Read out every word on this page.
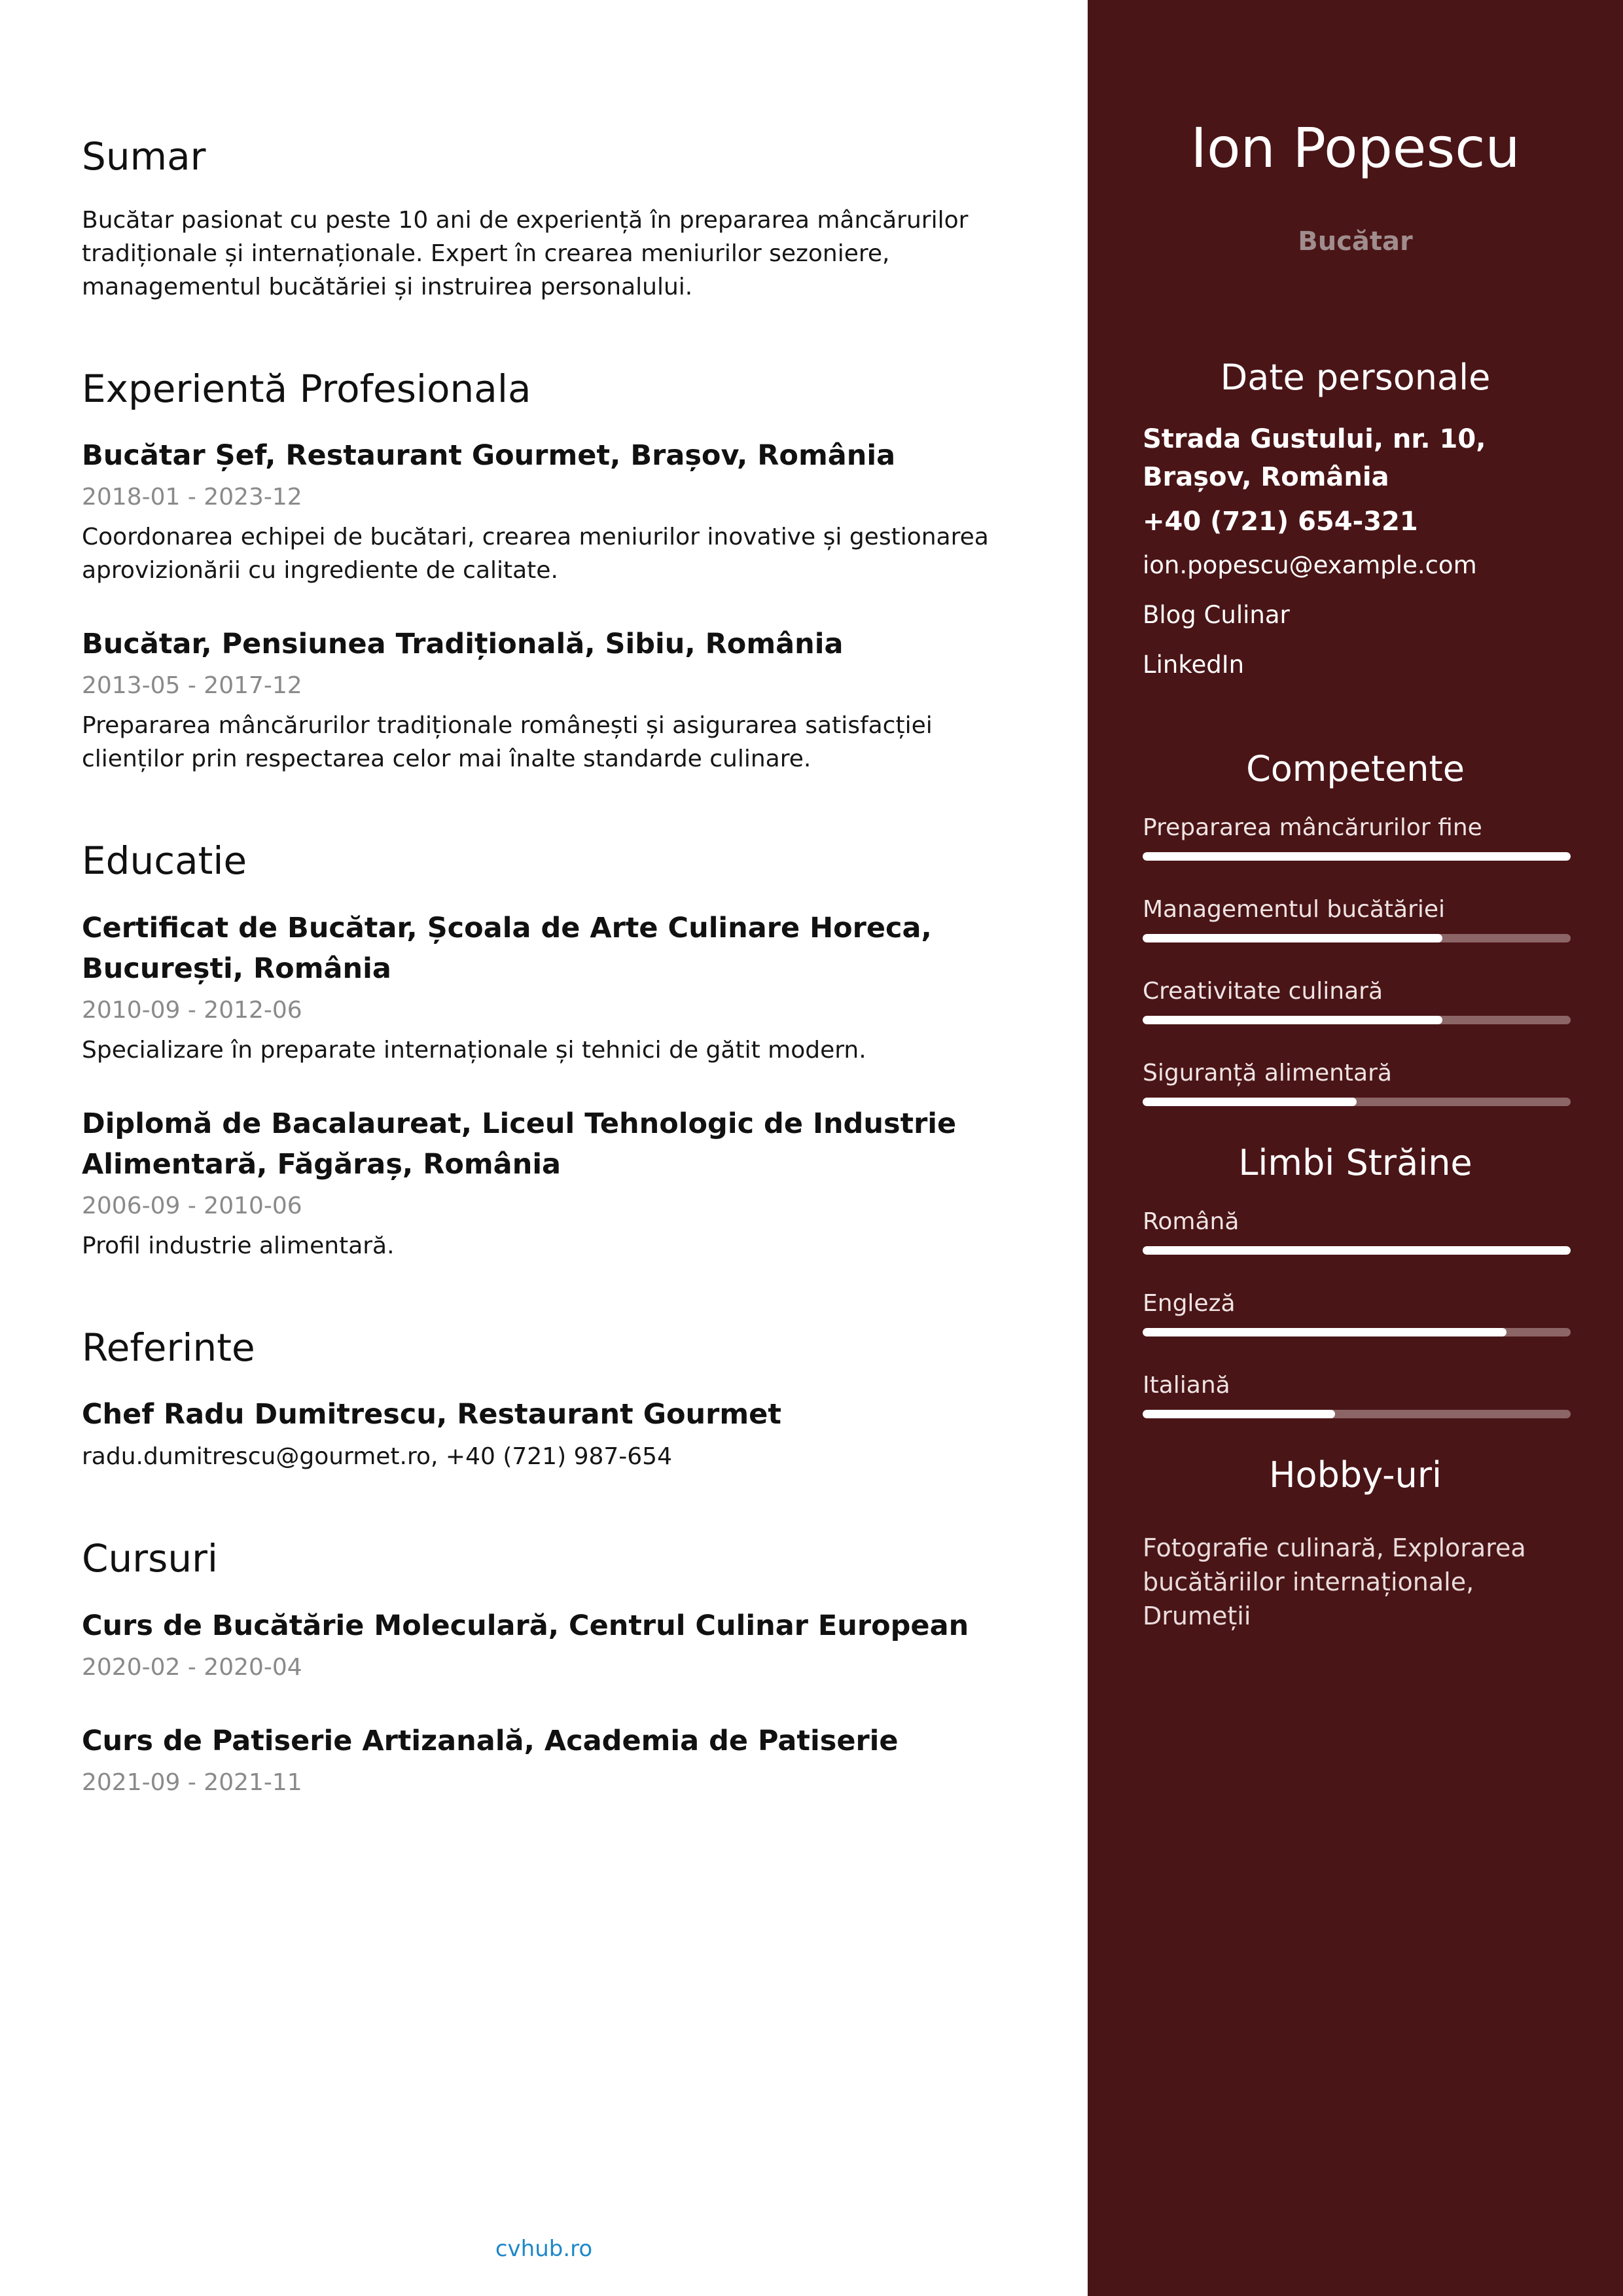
Sumar

Bucătar pasionat cu peste 10 ani de experiență în prepararea mâncărurilor tradiționale și internaționale. Expert în crearea meniurilor sezoniere, managementul bucătăriei și instruirea personalului.

Experientă Profesionala

Bucătar Șef, Restaurant Gourmet, Brașov, România

2018-01 - 2023-12

Coordonarea echipei de bucătari, crearea meniurilor inovative și gestionarea aprovizionării cu ingrediente de calitate.

Bucătar, Pensiunea Tradițională, Sibiu, România

2013-05 - 2017-12

Prepararea mâncărurilor tradiționale românești și asigurarea satisfacției clienților prin respectarea celor mai înalte standarde culinare.

Educatie

Certificat de Bucătar, Școala de Arte Culinare Horeca, București, România

2010-09 - 2012-06

Specializare în preparate internaționale și tehnici de gătit modern.

Diplomă de Bacalaureat, Liceul Tehnologic de Industrie Alimentară, Făgăraș, România

2006-09 - 2010-06

Profil industrie alimentară.

Referinte

Chef Radu Dumitrescu, Restaurant Gourmet

radu.dumitrescu@gourmet.ro, +40 (721) 987-654

Cursuri

Curs de Bucătărie Moleculară, Centrul Culinar European

2020-02 - 2020-04

Curs de Patiserie Artizanală, Academia de Patiserie

2021-09 - 2021-11

cvhub.ro
Ion Popescu

Bucătar

Date personale

Strada Gustului, nr. 10, Brașov, România

+40 (721) 654-321

ion.popescu@example.com

Blog Culinar

LinkedIn

Competente

Prepararea mâncărurilor fine

Managementul bucătăriei

Creativitate culinară

Siguranță alimentară

Limbi Străine

Română

Engleză

Italiană

Hobby-uri

Fotografie culinară, Explorarea bucătăriilor internaționale, Drumeții
